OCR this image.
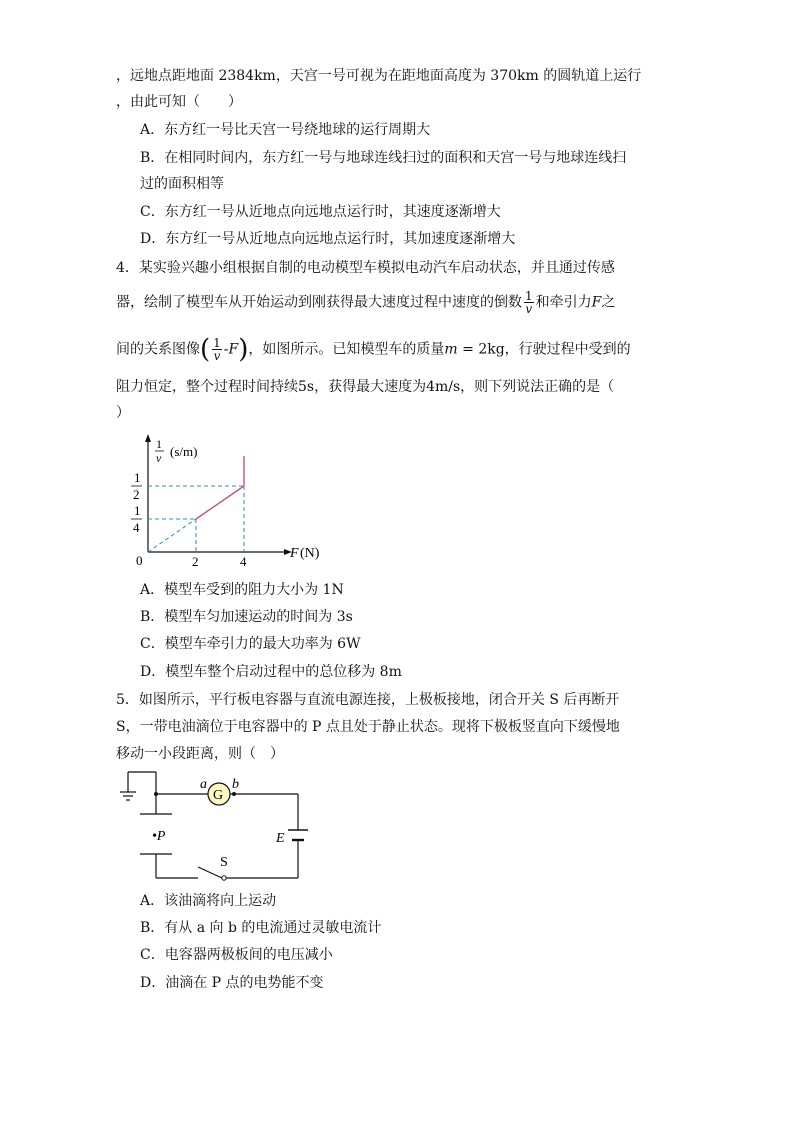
，远地点距地面 2384km，天宫一号可视为在距地面高度为 370km 的圆轨道上运行
，由此可知（　　）
A．东方红一号比天宫一号绕地球的运行周期大
B．在相同时间内，东方红一号与地球连线扫过的面积和天宫一号与地球连线扫
过的面积相等
C．东方红一号从近地点向远地点运行时，其速度逐渐增大
D．东方红一号从近地点向远地点运行时，其加速度逐渐增大
4．某实验兴趣小组根据自制的电动模型车模拟电动汽车启动状态，并且通过传感
器，绘制了模型车从开始运动到刚获得最大速度过程中速度的倒数 $\frac{1}{v}$ 和牵引力F之
间的关系图像( $\frac{1}{v} -F$)，如图所示。已知模型车的质量m = 2kg，行驶过程中受到的
阻力恒定，整个过程时间持续5s，获得最大速度为4m/s，则下列说法正确的是（
）
1
v (s/m)
1
2
1
4
0	2	4
F (N)
A．模型车受到的阻力大小为 1N
B．模型车匀加速运动的时间为 3s
C．模型车牵引力的最大功率为 6W
D．模型车整个启动过程中的总位移为 8m
5．如图所示，平行板电容器与直流电源连接，上极板接地，闭合开关 S 后再断开
S，一带电油滴位于电容器中的 P 点且处于静止状态。现将下极板竖直向下缓慢地
移动一小段距离，则（　）
G
a b
•P	E
S
A．该油滴将向上运动
B．有从 a 向 b 的电流通过灵敏电流计
C．电容器两极板间的电压减小
D．油滴在 P 点的电势能不变
